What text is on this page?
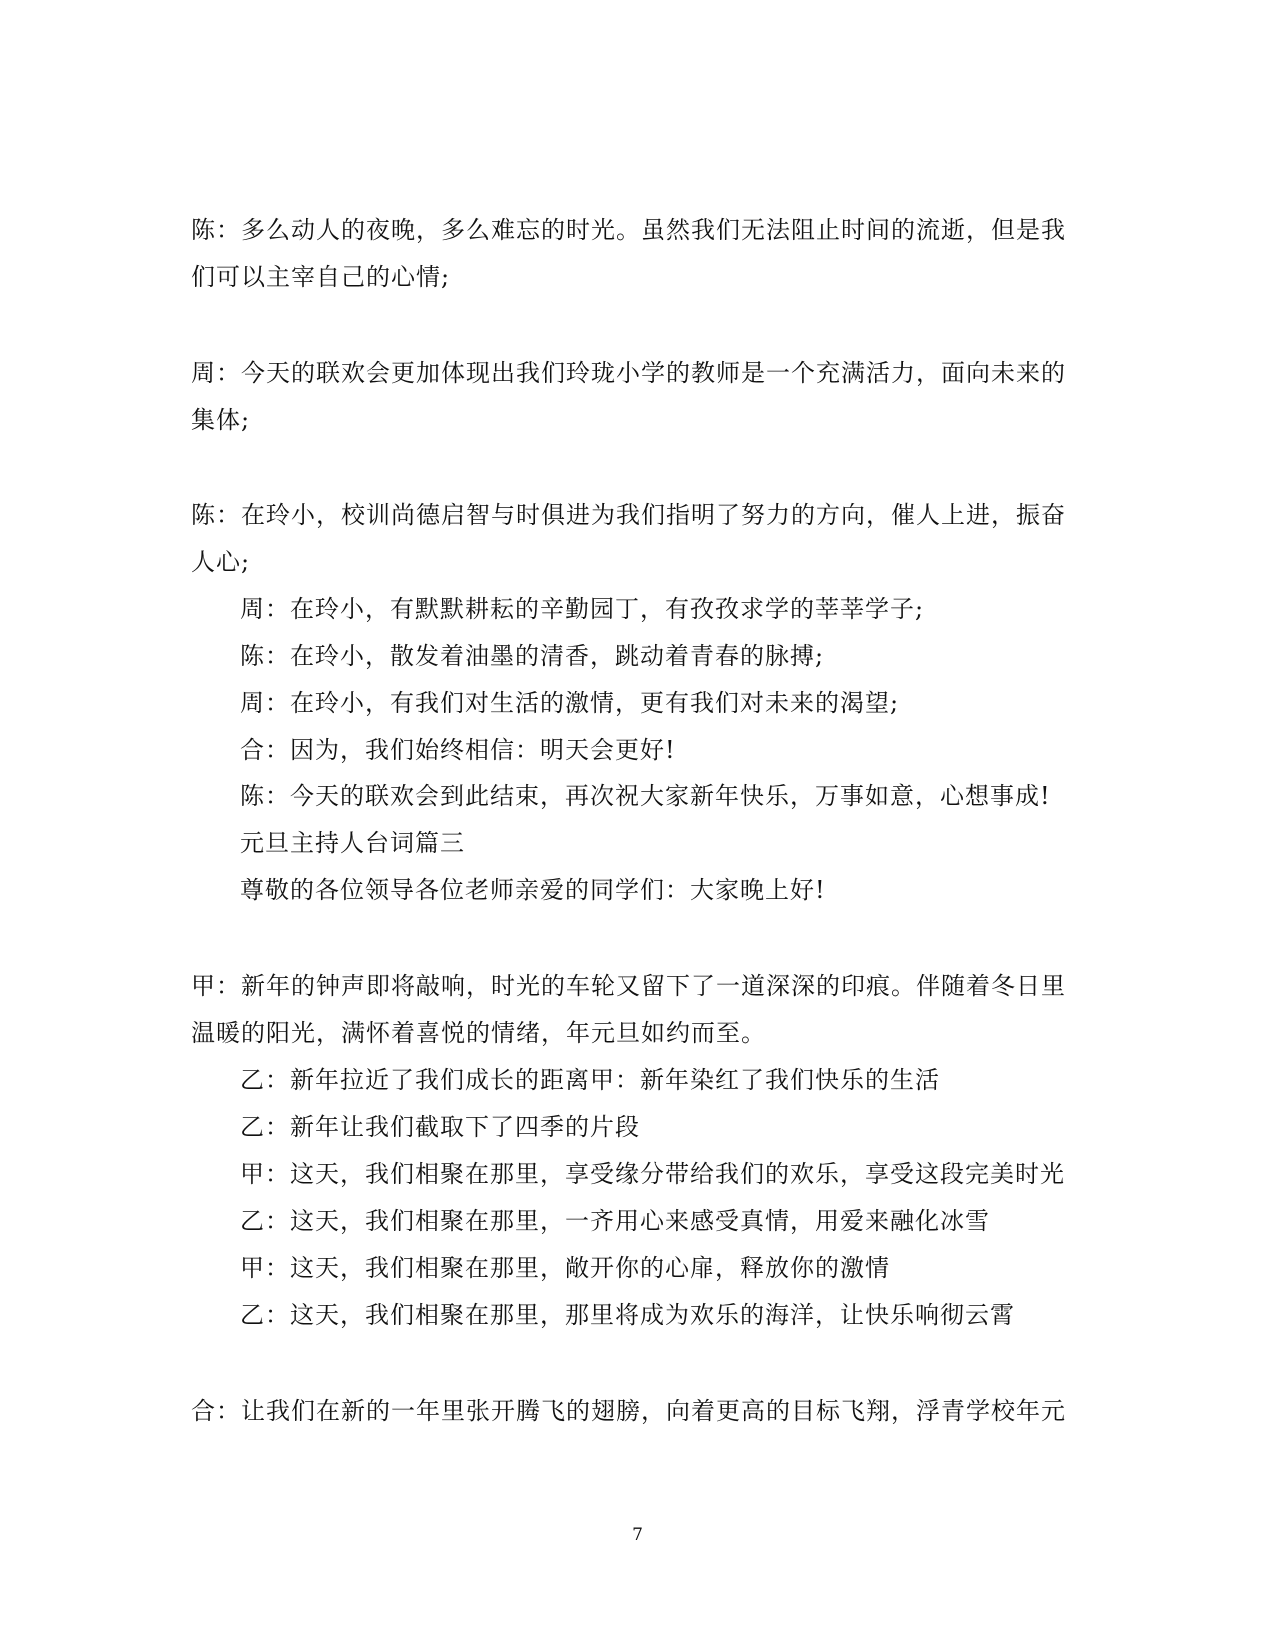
陈：多么动人的夜晚，多么难忘的时光。虽然我们无法阻止时间的流逝，但是我
们可以主宰自己的心情;
周：今天的联欢会更加体现出我们玲珑小学的教师是一个充满活力，面向未来的
集体;
陈：在玲小，校训尚德启智与时俱进为我们指明了努力的方向，催人上进，振奋
人心;
周：在玲小，有默默耕耘的辛勤园丁，有孜孜求学的莘莘学子;
陈：在玲小，散发着油墨的清香，跳动着青春的脉搏;
周：在玲小，有我们对生活的激情，更有我们对未来的渴望;
合：因为，我们始终相信：明天会更好!
陈：今天的联欢会到此结束，再次祝大家新年快乐，万事如意，心想事成!
元旦主持人台词篇三
尊敬的各位领导各位老师亲爱的同学们：大家晚上好!
甲：新年的钟声即将敲响，时光的车轮又留下了一道深深的印痕。伴随着冬日里
温暖的阳光，满怀着喜悦的情绪，年元旦如约而至。
乙：新年拉近了我们成长的距离甲：新年染红了我们快乐的生活
乙：新年让我们截取下了四季的片段
甲：这天，我们相聚在那里，享受缘分带给我们的欢乐，享受这段完美时光
乙：这天，我们相聚在那里，一齐用心来感受真情，用爱来融化冰雪
甲：这天，我们相聚在那里，敞开你的心扉，释放你的激情
乙：这天，我们相聚在那里，那里将成为欢乐的海洋，让快乐响彻云霄
合：让我们在新的一年里张开腾飞的翅膀，向着更高的目标飞翔，浮青学校年元
7
